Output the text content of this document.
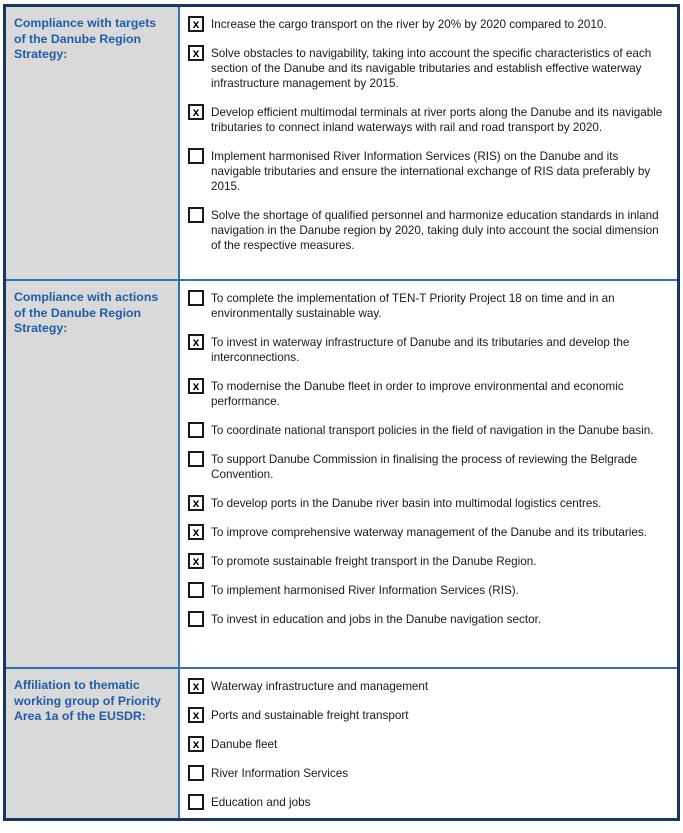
Compliance with targets of the Danube Region Strategy:
x Increase the cargo transport on the river by 20% by 2020 compared to 2010.
x Solve obstacles to navigability, taking into account the specific characteristics of each section of the Danube and its navigable tributaries and establish effective waterway infrastructure management by 2015.
x Develop efficient multimodal terminals at river ports along the Danube and its navigable tributaries to connect inland waterways with rail and road transport by 2020.
Implement harmonised River Information Services (RIS) on the Danube and its navigable tributaries and ensure the international exchange of RIS data preferably by 2015.
Solve the shortage of qualified personnel and harmonize education standards in inland navigation in the Danube region by 2020, taking duly into account the social dimension of the respective measures.
Compliance with actions of the Danube Region Strategy:
To complete the implementation of TEN-T Priority Project 18 on time and in an environmentally sustainable way.
x To invest in waterway infrastructure of Danube and its tributaries and develop the interconnections.
x To modernise the Danube fleet in order to improve environmental and economic performance.
To coordinate national transport policies in the field of navigation in the Danube basin.
To support Danube Commission in finalising the process of reviewing the Belgrade Convention.
x To develop ports in the Danube river basin into multimodal logistics centres.
x To improve comprehensive waterway management of the Danube and its tributaries.
x To promote sustainable freight transport in the Danube Region.
To implement harmonised River Information Services (RIS).
To invest in education and jobs in the Danube navigation sector.
Affiliation to thematic working group of Priority Area 1a of the EUSDR:
x Waterway infrastructure and management
x Ports and sustainable freight transport
x Danube fleet
River Information Services
Education and jobs
